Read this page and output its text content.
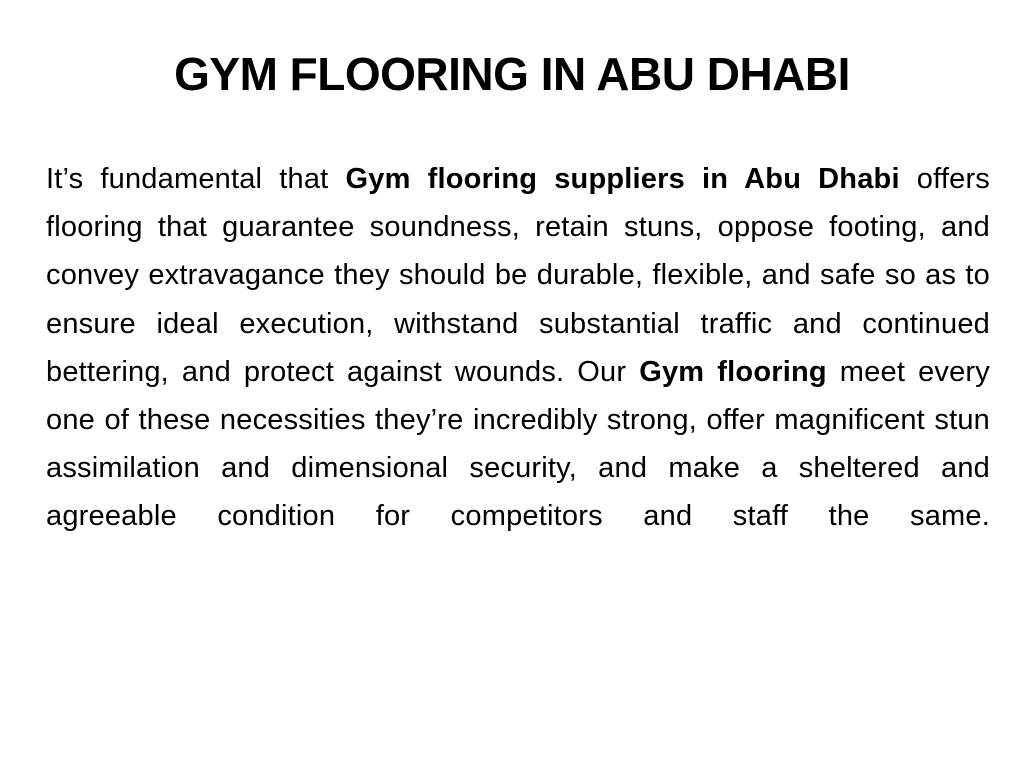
GYM FLOORING IN ABU DHABI

It’s fundamental that Gym flooring suppliers in Abu Dhabi offers flooring that guarantee soundness, retain stuns, oppose footing, and convey extravagance they should be durable, flexible, and safe so as to ensure ideal execution, withstand substantial traffic and continued bettering, and protect against wounds. Our Gym flooring meet every one of these necessities they’re incredibly strong, offer magnificent stun assimilation and dimensional security, and make a sheltered and agreeable condition for competitors and staff the same.
